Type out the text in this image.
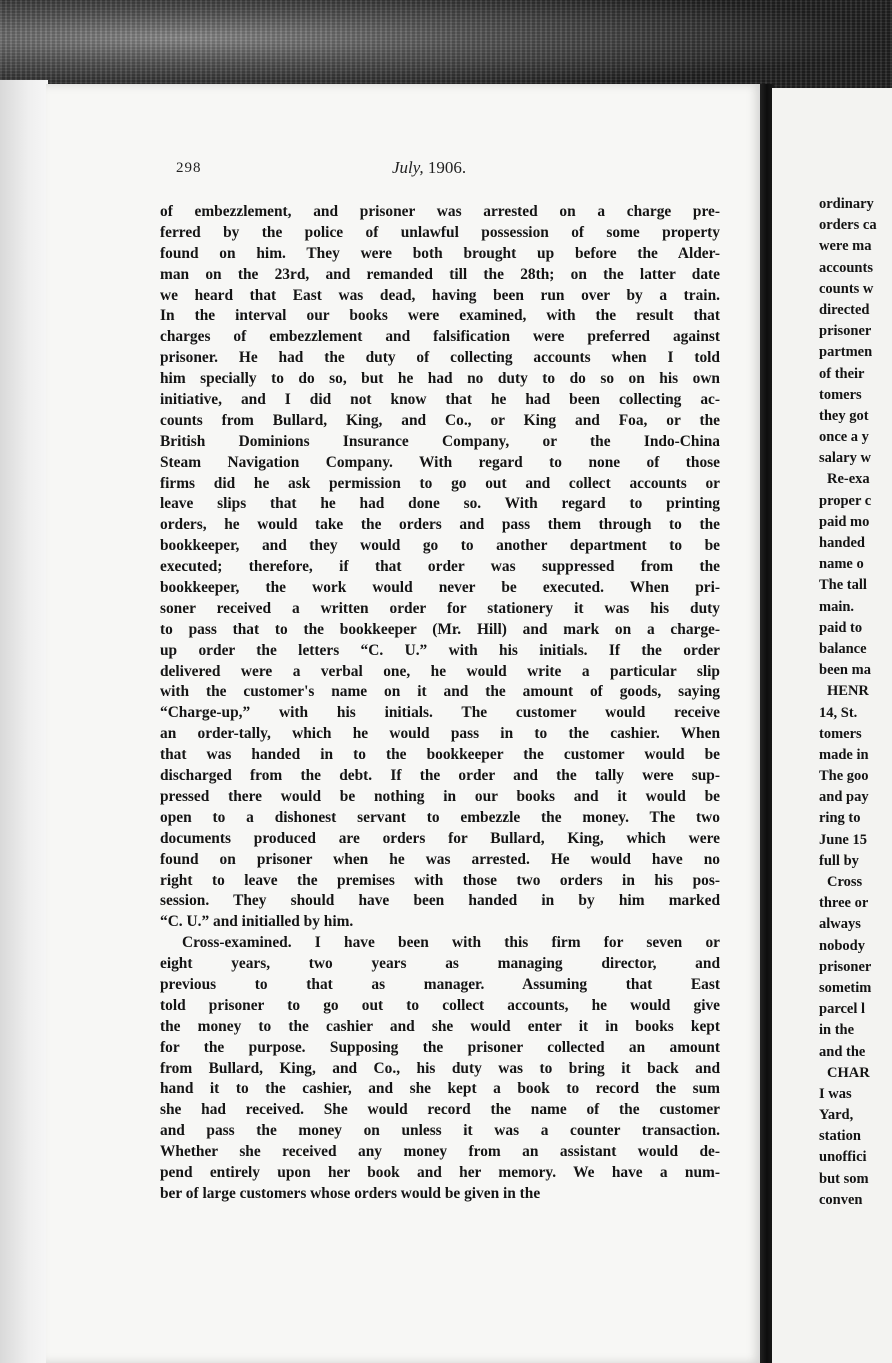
298	July, 1906.
of embezzlement, and prisoner was arrested on a charge pre-
ferred by the police of unlawful possession of some property
found on him. They were both brought up before the Alder-
man on the 23rd, and remanded till the 28th; on the latter date
we heard that East was dead, having been run over by a train.
In the interval our books were examined, with the result that
charges of embezzlement and falsification were preferred against
prisoner. He had the duty of collecting accounts when I told
him specially to do so, but he had no duty to do so on his own
initiative, and I did not know that he had been collecting ac-
counts from Bullard, King, and Co., or King and Foa, or the
British Dominions Insurance Company, or the Indo-China
Steam Navigation Company. With regard to none of those
firms did he ask permission to go out and collect accounts or
leave slips that he had done so. With regard to printing
orders, he would take the orders and pass them through to the
bookkeeper, and they would go to another department to be
executed; therefore, if that order was suppressed from the
bookkeeper, the work would never be executed. When pri-
soner received a written order for stationery it was his duty
to pass that to the bookkeeper (Mr. Hill) and mark on a charge-
up order the letters “C. U.” with his initials. If the order
delivered were a verbal one, he would write a particular slip
with the customer's name on it and the amount of goods, saying
“Charge-up,” with his initials. The customer would receive
an order-tally, which he would pass in to the cashier. When
that was handed in to the bookkeeper the customer would be
discharged from the debt. If the order and the tally were sup-
pressed there would be nothing in our books and it would be
open to a dishonest servant to embezzle the money. The two
documents produced are orders for Bullard, King, which were
found on prisoner when he was arrested. He would have no
right to leave the premises with those two orders in his pos-
session. They should have been handed in by him marked
“C. U.” and initialled by him.
Cross-examined. I have been with this firm for seven or
eight years, two years as managing director, and
previous to that as manager. Assuming that East
told prisoner to go out to collect accounts, he would give
the money to the cashier and she would enter it in books kept
for the purpose. Supposing the prisoner collected an amount
from Bullard, King, and Co., his duty was to bring it back and
hand it to the cashier, and she kept a book to record the sum
she had received. She would record the name of the customer
and pass the money on unless it was a counter transaction.
Whether she received any money from an assistant would de-
pend entirely upon her book and her memory. We have a num-
ber of large customers whose orders would be given in the
ordinary
orders ca
were ma
accounts
counts w
directed
prisoner
partmen
of their
tomers
they got
once a y
salary w
Re-exa
proper c
paid mo
handed
name o
The tall
main.
paid to
balance
been ma
HENR
14, St.
tomers
made in
The goo
and pay
ring to
June 15
full by
Cross
three or
always
nobody
prisoner
sometim
parcel l
in the
and the
CHAR
I was
Yard,
station
unoffici
but som
conven
